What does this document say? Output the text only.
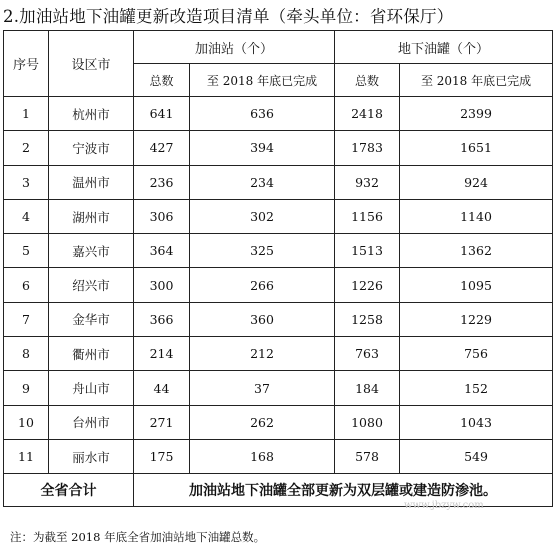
2.加油站地下油罐更新改造项目清单（牵头单位：省环保厅）
序号	设区市	加油站（个）		地下油罐（个）	
		总数	至 2018 年底已完成	总数	至 2018 年底已完成
1	杭州市	641	636	2418	2399
2	宁波市	427	394	1783	1651
3	温州市	236	234	932	924
4	湖州市	306	302	1156	1140
5	嘉兴市	364	325	1513	1362
6	绍兴市	300	266	1226	1095
7	金华市	366	360	1258	1229
8	衢州市	214	212	763	756
9	舟山市	44	37	184	152
10	台州市	271	262	1080	1043
11	丽水市	175	168	578	549
全省合计		加油站地下油罐全部更新为双层罐或建造防渗池。			
www.jbzyw.com
注：为截至 2018 年底全省加油站地下油罐总数。
